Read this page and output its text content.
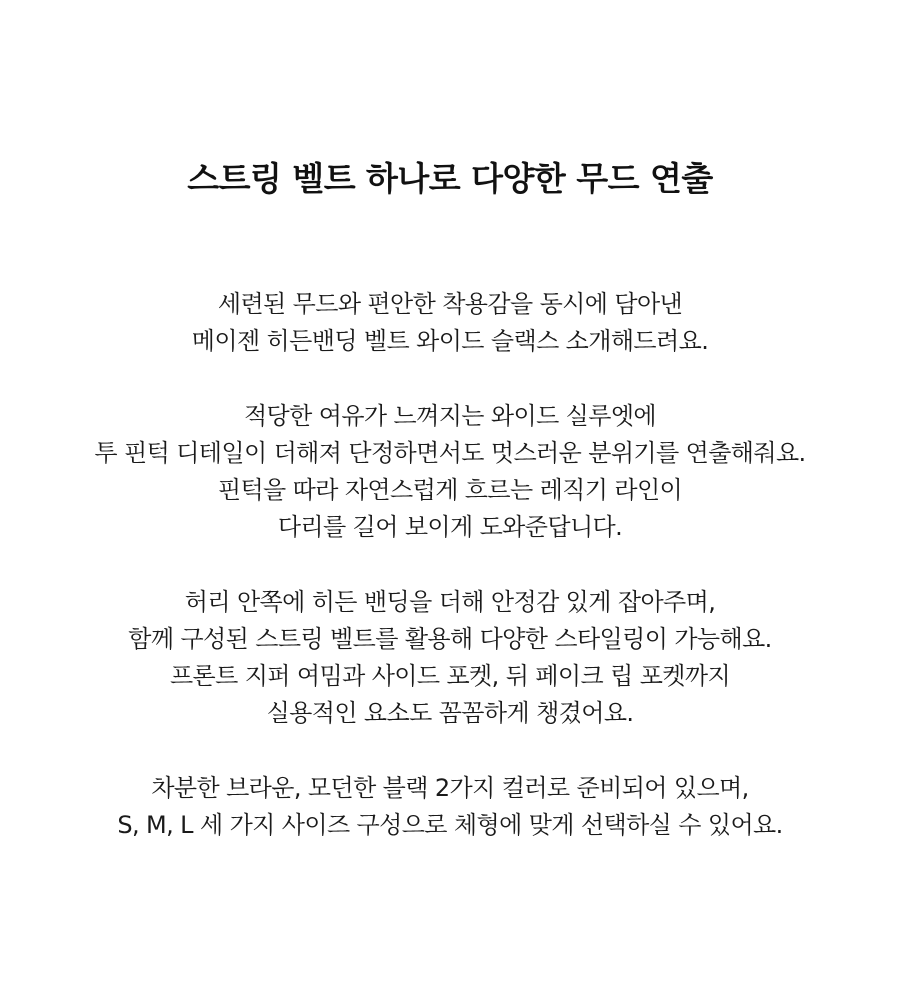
스트링 벨트 하나로 다양한 무드 연출

세련된 무드와 편안한 착용감을 동시에 담아낸
메이젠 히든밴딩 벨트 와이드 슬랙스 소개해드려요.

적당한 여유가 느껴지는 와이드 실루엣에
투 핀턱 디테일이 더해져 단정하면서도 멋스러운 분위기를 연출해줘요.
핀턱을 따라 자연스럽게 흐르는 레직기 라인이
다리를 길어 보이게 도와준답니다.

허리 안쪽에 히든 밴딩을 더해 안정감 있게 잡아주며,
함께 구성된 스트링 벨트를 활용해 다양한 스타일링이 가능해요.
프론트 지퍼 여밈과 사이드 포켓, 뒤 페이크 립 포켓까지
실용적인 요소도 꼼꼼하게 챙겼어요.

차분한 브라운, 모던한 블랙 2가지 컬러로 준비되어 있으며,
S, M, L 세 가지 사이즈 구성으로 체형에 맞게 선택하실 수 있어요.
